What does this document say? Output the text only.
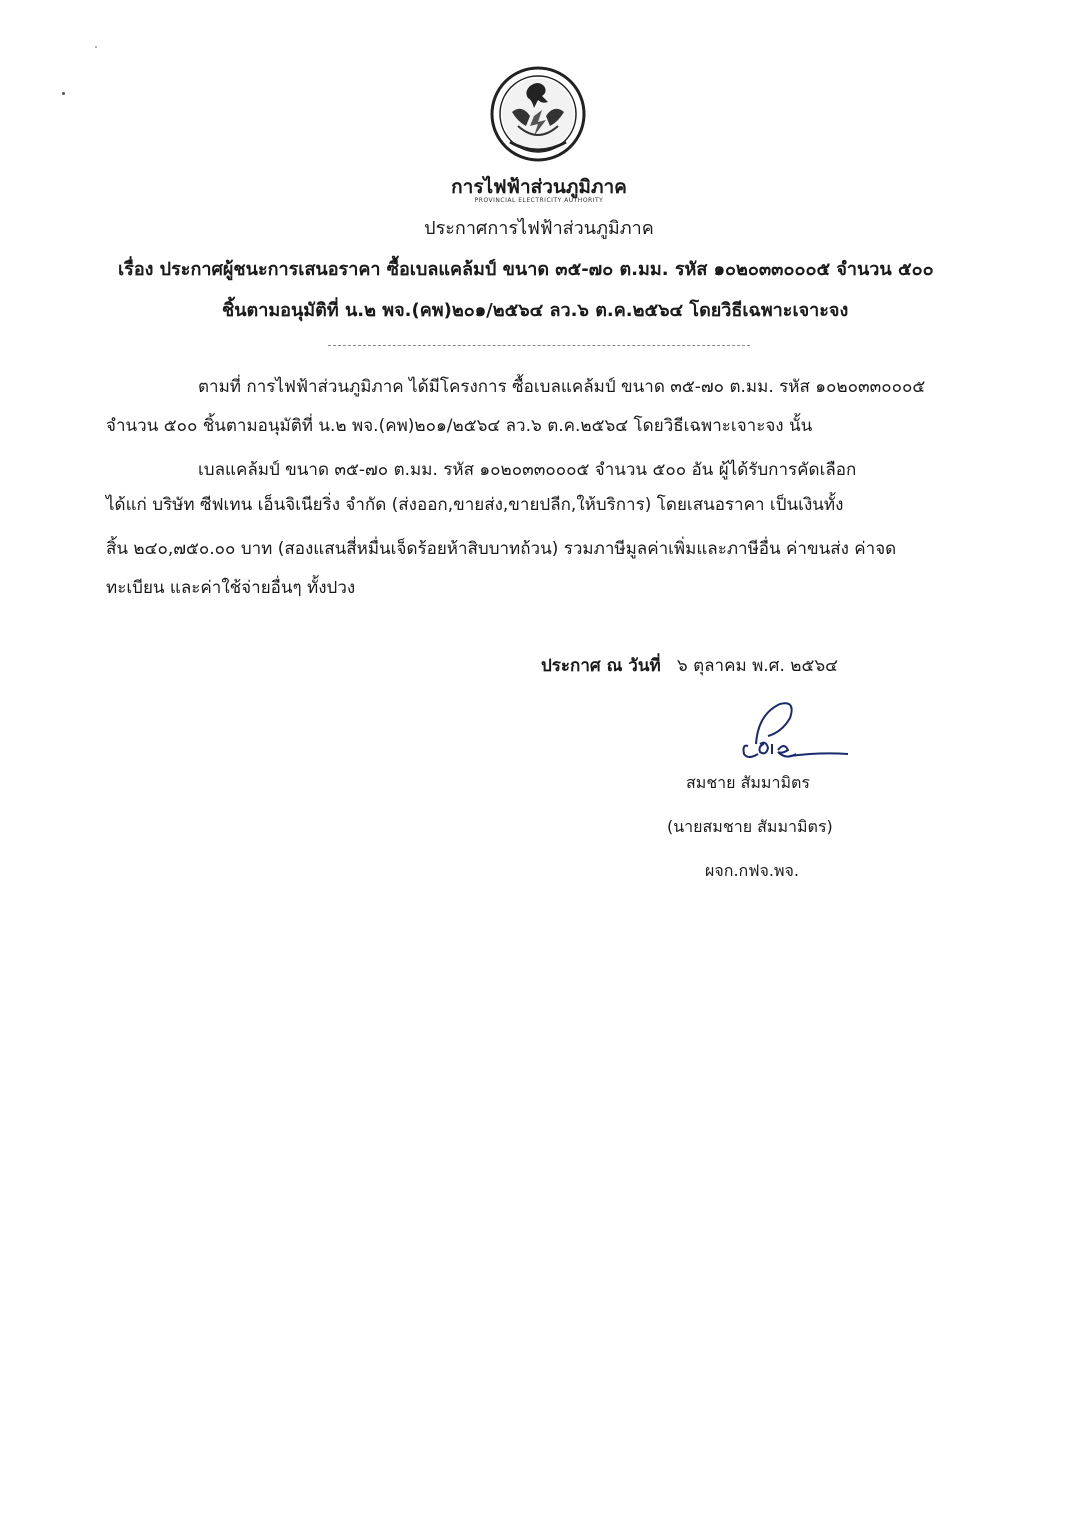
การไฟฟ้าส่วนภูมิภาค
PROVINCIAL ELECTRICITY AUTHORITY
ประกาศการไฟฟ้าส่วนภูมิภาค
เรื่อง ประกาศผู้ชนะการเสนอราคา ซื้อเบลแคล้มป์ ขนาด ๓๕-๗๐ ต.มม. รหัส ๑๐๒๐๓๓๐๐๐๕ จำนวน ๕๐๐
ชิ้นตามอนุมัติที่ น.๒ พจ.(คพ)๒๐๑/๒๕๖๔ ลว.๖ ต.ค.๒๕๖๔ โดยวิธีเฉพาะเจาะจง
ตามที่ การไฟฟ้าส่วนภูมิภาค ได้มีโครงการ ซื้อเบลแคล้มป์ ขนาด ๓๕-๗๐ ต.มม. รหัส ๑๐๒๐๓๓๐๐๐๕
จำนวน ๕๐๐ ชิ้นตามอนุมัติที่ น.๒ พจ.(คพ)๒๐๑/๒๕๖๔ ลว.๖ ต.ค.๒๕๖๔ โดยวิธีเฉพาะเจาะจง นั้น
เบลแคล้มป์ ขนาด ๓๕-๗๐ ต.มม. รหัส ๑๐๒๐๓๓๐๐๐๕ จำนวน ๕๐๐ อัน ผู้ได้รับการคัดเลือก
ได้แก่ บริษัท ซีฟเทน เอ็นจิเนียริ่ง จำกัด (ส่งออก,ขายส่ง,ขายปลีก,ให้บริการ) โดยเสนอราคา เป็นเงินทั้ง
สิ้น ๒๔๐,๗๕๐.๐๐ บาท (สองแสนสี่หมื่นเจ็ดร้อยห้าสิบบาทถ้วน) รวมภาษีมูลค่าเพิ่มและภาษีอื่น ค่าขนส่ง ค่าจด
ทะเบียน และค่าใช้จ่ายอื่นๆ ทั้งปวง
ประกาศ ณ วันที่ ๖ ตุลาคม พ.ศ. ๒๕๖๔
สมชาย สัมมามิตร
(นายสมชาย สัมมามิตร)
ผจก.กฟจ.พจ.
